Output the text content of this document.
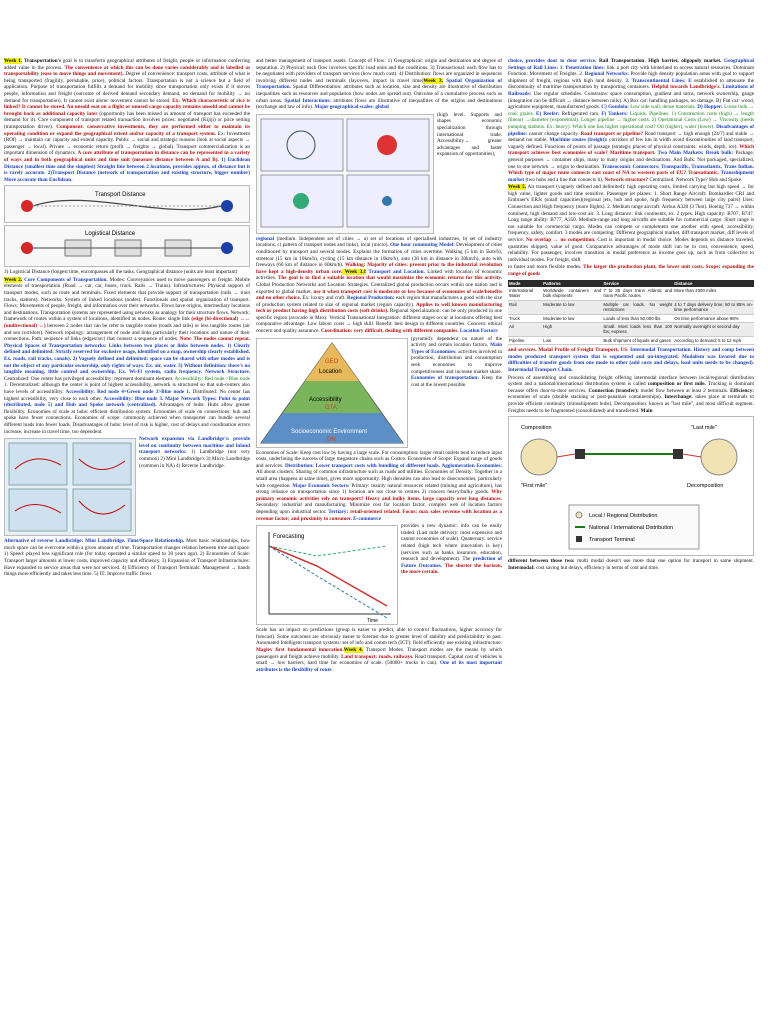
Week 1. Transportation's goal is to transform geographical attributes of freight, people or information conferring added value in the process. The convenience at which this can be done varies considerably and is labelled as transportability (ease to move things and movement). Degree of convenience: transport costs, attribute of what is being transported (fragility, perishable, price), political factors. Transportation is not a science but a field of application. Purpose of transportation fulfills a demand for mobility since transportation only exists if it moves people, information and freight (outcome of derived demand secondary demand, no demand for mobility → no demand for transportation). It cannot exist alone: movement cannot be stored. Ex: Which characteristic of rice is linked? It cannot be stored. An unsold seat on a flight or unused cargo capacity remains unsold and cannot be brought back as additional capacity later (opportunity has been missed as amount of transport has exceeded the demand for it). Core component of transport related transaction involves prices: negotiated (Kijiji) or price setting (transportation driver). Component: conservative investments, they are performed either to maintain its operating condition or expand the geographical extent and/or capacity of a transport system. Ex: Investment (ROI) → maintain car capacity and extend capacity. Public → social and strategic reasons (look at social aspects → passenger → local). Private → economic return (profit → freights → global). Transport commercialization is an important dimension of dynamics. A core attribute of transportation in distance can be represented in a variety of ways and in both geographical units and time unit (measure distance between A and B). 1) Euclidean Distance (smallest time and the simplest) Straight line between 2 locations, provides approx. of distance but it is rarely accurate. 2)Transport Distance (network of transportation and existing structure, bigger number) More accurate than Euclidean.

Transport Distance
Logistical Distance

3) Logistical Distance (longest time, encompasses all the tasks. Geographical distance (units are least important)

Week 2. Core Components of Transportation. Modes: Conveyances used to move passengers or freight. Mobile elements of transportation (Road → car, car, buses, truck. Rails → Trains). Infrastructures: Physical support of transport modes, such as route and terminals. Fixed elements that provide support of transportation (rails → train tracks, stations). Networks: System of linked locations (nodes). Functionals and spatial organization of transport. Flows: Movements of people, freight, and information over their networks. Flows have origins, intermediary locations and destinations. Transportation systems are represented using networks as analogy for their structure flows. Network: framework of routes within a system of locations, identified as nodes. Route: single link (edge (bi-directional) ↔↔ (undirectional) ↔) between 2 nodes that can be refer to tangible routes (roads and rails) or less tangible routes (air and sea corridors). Network topology: arrangement of node and links particularly their locations and nature of their connections. Path: sequence of links (edges/arc) that connect a sequence of nodes. Note: The nodes cannot repeat. Physical Spaces of Transportation networks: Links between two places or links between nodes. 1) Clearly defined and delimited: Strictly reserved for exclusive usage, identified on a map, ownership clearly established. Ex. roads, rail tracks, canals). 2) Vaguely defined and delimited: space can be shared with other modes and is not the object of any particular ownership, only rights of ways. Ex. air, water. 3) Without definition: there's no tangible meaning, little control and ownership. Ex. Wi-Fi system, radio frequency. Network Structure. Centralized: One center has privileged accessibility; represent dominant element. Accessibility: Red node >Blue node 1. Decentralized: although the center is point of highest accessibility, network is structured so that sub-centers also have levels of accessibility. Accessibility: Red node 4=Green node 3>Blue node 1. Distributed: No center has highest accessibility, very close to each other. Accessibility: Blue node 3. Major Network Types: Point to point (distributed, node 5) and Hub and Spoke network (centralized). Advantages of hubs: Hubs allow greater flexibility. Economies of scale at hubs: efficient distribution system. Economies of scale on connections: hub and spoke have fewer connections. Economies of scope: commonly achieved when transporter can bundle several different loads into fewer loads. Disadvantages of hubs: level of risk is higher, cost of delays and coordination errors increase, increase in travel time, too dependent.

Network expansion via Landbridge's: provide level on continuity between maritime and inland transport networks: 1) Landbridge (not very common) 2) Mini Landbridge's 3) Micro Landbridge (common in NA) 4) Reverse Landbridge.

Alternative of reverse Landbridge: Mini Landbridge. Time/Space Relationship. Most basic relationships, how much space can be overcome within a given amount of time. Transportation changes relation between time and space. 1) Speed: played less significant role (for today operated a similar speed to 30 years ago). 2) Economies of Scale: Transport larger amounts at lower costs, improved capacity and efficiency. 3) Expansion of Transport Infrastructures: Have expanded to service areas that were not serviced. 4) Efficiency of Transport Terminals: Management → hands things more efficiently and takes less time. 5) IT: Improve traffic flows

and better management of transport assets. Concept of Flow: 1) Geographical: origin and destination and degree of separation. 2) Physical: each flow involves specific load units and the conditions. 3) Transactional: each flow has to be negotiated with providers of transport services (how much cost). 4) Distribution: flows are organized in sequences involving different nodes and terminals (layovers, impact in travel time)Week 3. Spatial Organization of Transportation. Spatial Differentiation: attributes such as location, size and density are illustrative of distribution inequalities such as resources and population (how nodes are spread out). Outcome of a cumulative process such as urban areas. Spatial Interactions: attributes flows are illustrative of inequalities of the origins and destinations (exchange and law of info). Major geographical scales: global

(high level. Supports and shapes economic specialization through international trade. Accessibility→ greater advantages and faster expansion of opportunities),

regional (medium. Independent set of cities → a) set of locations of specialised industries, b) set of industry locations, c) pattern of transport nodes and links), local (micro). One hour commuting Model: Development of cities conditioned by transport and several modes. Explains the formation of cities overtime. Walking (5 km in 5km/h), streetcar (15 km in 10km/h), cycling (15 km distance in 10km/h), auto (30 km in distance in 30km/h), auto with freeways (60 km of distance in 60km/h). Walking: Majority of cities: present prior to the industrial revolution have kept a high-density urban core. Week 3.1 Transport and Location. Linked with location of economic activities. The goal is to find a suitable location that would maximize the economic returns for this activity. Global Production Networks and Location Strategies. Centralized global production occurs within one nation and is exported to global market, use it when transport cost is moderate or low because of economies of scale/benefits and no other choice. Ex: luxury and craft. Regional Production: each region that manufactures a good with the size of production system related to size of regional market (region capacity). Applies to well known manufacturing tech or product having high distribution costs (soft drinks). Regional Specialization: can be only produced in one specific region (avocado in Mex). Vertical Transnational Integration: different stages occur at locations offering best comparative advantage. Low labour costs → high skill. Benefit: best design in different countries. Concern: ethical concern and quality assurance. Coordination: very difficult, dealing with different companies. Location Factors

Location
Accessibility
Socioeconomic Environment
GEO
GTA
DN

(pyramid): dependent on nature of the activity and certain location factors. Main Types of Economies: activities involved in production, distribution and consumption seek economies to improve competitiveness and increase market share. Economies of transportation: Keep the cost at the lowest possible.

Economies of Scale: Keep cost low by having a large scale. For consumption: larger retail outlets tend to reduce input costs, underlining the success of large megastore chains such as Costco. Economies of Scope: Expand range of goods and services. Distribution: Lower transport costs with bundling of different loads. Agglomeration Economies: All about clusters. Sharing of common infrastructure such as roads and utilities. Economies of Density: Together in a small area (happens at same time), gives more opportunity. High densities can also lead to diseconomies, particularly with congestion. Major Economic Sectors: Primary: mainly natural resources related (mining and agriculture), has strong reliance on transportation since 1) location are not close to centres 2) concern heavy/bulky goods. Why primary economic activities rely on transport? Heavy and bulky items, large capacity over long distances. Secondary: industrial and manufacturing. Minimize cost for location factor, complex web of location factors depending upon industrial sector. Tertiary: retail-oriented related. Focus: max sales revenue with location as a revenue factor; and proximity to consumer. E-commerce

Forecasting
Time

provides a new dynamic: info can be easily traded. (Last mile delivery: most expensive and cannot economies of scale). Quaternary: service related (high tech where innovation is key) (services such as banks insurance, education, research and development). The prediction of Future Outcomes. The shorter the horizon, the more certain.

Scale has an impact on predictions (group is easier to predict, able to control fluctuations, higher accuracy for forecast). Some outcomes are obviously easier to forecast due to greater level of stability and predictability in past. Automated Intelligent transport systems: set of info and comm tech (ICT): field efficiently use existing infrastructure. Maglev first fundamental innovation.Week 4. Transport Modes. Transport modes are the means by which passengers and freight achieve mobility. Land transport: roads, railways. Road transport. Capital cost of vehicles is small → low barriers, hard time for economies of scale. (50000+ trucks in can). One of its most important attributes is the flexibility of route

choice, provides door to door service. Rail Transportation. High barrier, oligopoly market. Geographical Settings of Rail Lines: 1. Penetration lines: link a port city with hinterland to access natural resources. Dominant Function: Movement of Freights. 2. Regional Networks: Provide high density population areas with goal to support shipment of freight, regions with high land density. 3. Transcontinental Lines: E established to attenuate the discontinuity of maritime transportation by transporting containers. Helpful towards Landbridge's. Limitations of Railroads: Use regular schedules. Constrains: space consumption, gradient and turns, network ownership, gauge (integration can be difficult → distance between rails). A) Box car: handling packages, no damage. B) Flat car: wood, agriculture equipment, manufactured goods. C) Gondola: Low side wall, dense materials. D) Hopper: Loose bulk → coal, grains. E) Reefer: Refrigerated cars. F) Tankers: Liquids. Pipelines. 1) Construction costs (high) → length (linear) →diameter (exponential). Longer pipeline → higher costs. 2) Operational Costs (Low) → Viscosity (needs pumping stations. Ex: heavy). Which one has higher operational cost? Oil (higher), water (lower). Disadvantages of pipeline: cannot change capacity. Road transport or pipeline? Road transport → high enough (24/7) and stable → demand not stable. Maritime routes (freight): corridors of few km in width avoid discontinuities of land transport, vaguely defined. Functions of points of passage (strategic places of physical constraints: winds, depth, ice). Which transport achieves best economies of scale? Maritime transport. Two Main Markets: Break bulk: Package, general purposes → container ships, many to many origins and destinations. And Bulk: Not packaged, specialized, one to one network → origin to destination. Transoceanic Connectors: Transpacific, Transatlantic, Trans Indian. Which type of major route connects east coast of NA to western parts of EU? Transatlantic. Transshipment market (two hubs and a line that connects it). Network structure? Centralized. Network Type? Hub and Spoke.

Week 5. Air transport (vaguely defined and delimited): high operating costs, limited carrying but high speed → for high value, lighter goods and time sensitive. Passenger jet planes: 1. Short Range Aircraft: Bombardier CRJ and Embraer's ERJs (small capacities)(regional jets, hub and spoke, high frequency between large city pairs) Uses: Connection and High frequency (more flights). 2. Medium range aircraft: Airbus A320 (3 7km). Boeing 737 → within continent, high demand and low-cost air. 3. Long distance: link continents, ex. 2 types. High capacity: B707, B747. Long range ability: B777, A350. Medium-range and long aircrafts are suitable for commercial cargo. Short range is not suitable for commercial cargo. Modes can compete or complement one another with speed, accessibility, frequency, safety, comfort. 3 modes are competing: Different geographical market, diff transport market, diff levels of service. No overlap → no competition. Cost is important in modal choice. Modes depends on distance traveled, quantities shipped, value of good. Comparative advantages of mode shift can be in cost, convenience, speed, reliability. For passenger, involves transition in modal preference as income goes up, such as from collective to individual modes. For freight, shift

to faster and more flexible modes. The larger the production plant, the lower unit costs. Scope: expanding the range of goods

Mode	Patterns	Service	Distance
International Water	Worldwide containers and bulk shipments	7 to 35 days trans Atlantic and trans Pacific routes	More than 2000 miles
Rail	Moderate to low	Multiple car loads. No weight restrictions	4 to 7 days delivery time; 60 to 85% on-time performance
Truck	Moderate to low	Loads of less than 50,000 lbs	On time performance above 98%
Air	High	Small. Most loads less than 100 lbs; express	Normally overnight or second day
Pipeline	Low	Bulk shipment of liquids and gases	According to demand; 5 to 12 mph

and services. Modal Profile of Freight Transport, US. Intermodal Transportation. History and comp between modes produced transport system that is segmented and un-integrated. Modalism was favored due to difficulties of transfer goods from one mode to other (add costs and delays, load units needs to be changed). Intermodal Transport Chain.

Process of assembling and consolidating freight offering intermodal interface between local/regional distribution system and a national/international distribution system is called composition or first mile. Trucking is dominant because offers door-to-door services. Connection (transfer): model flow between at least 2 terminals. Efficiency: economies of scale (double stacking or post-panamax containerships). Interchange: takes place at terminals to provide efficient continuity (transshipment hubs). Decomposition: known as "last mile", and most difficult segment. Freights needs to be fragmented (consolidated) and transferred. Main

Composition
"First mile"
"Last mile"
Decomposition
Local / Regional Distribution
National / International Distribution
Transport Terminal

different between those two: multi modal doesn't use more than one option for transport in same shipment. Intermodal: cost saving but delays, efficiency in terms of cost and time.
